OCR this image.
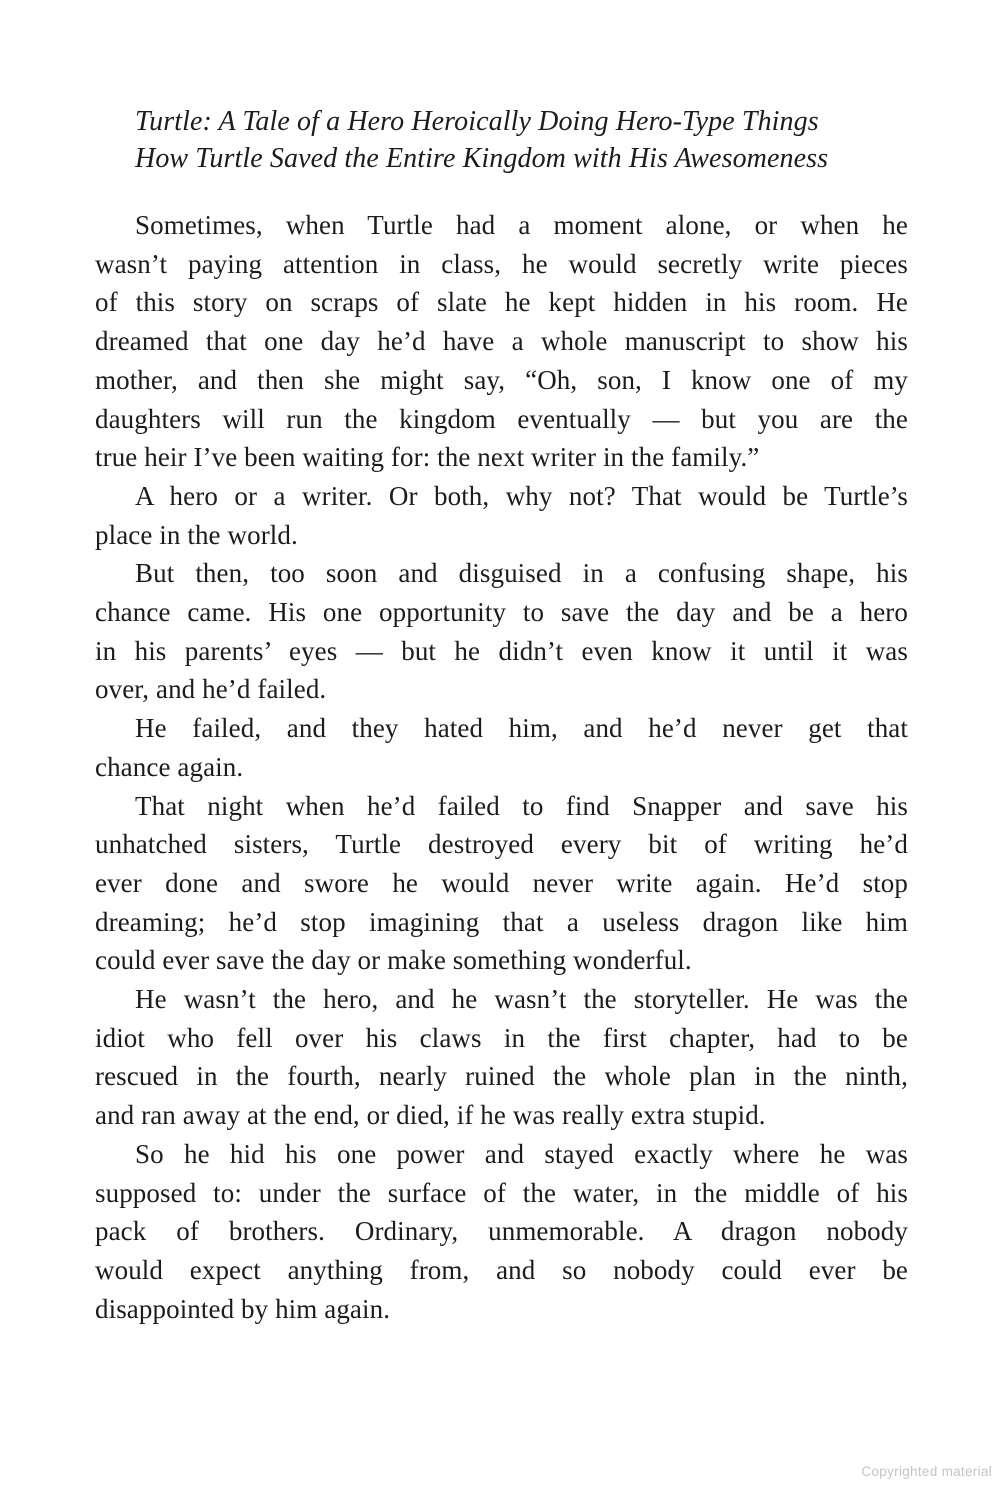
Turtle: A Tale of a Hero Heroically Doing Hero-Type Things
How Turtle Saved the Entire Kingdom with His Awesomeness
Sometimes, when Turtle had a moment alone, or when he
wasn’t paying attention in class, he would secretly write pieces
of this story on scraps of slate he kept hidden in his room. He
dreamed that one day he’d have a whole manuscript to show his
mother, and then she might say, “Oh, son, I know one of my
daughters will run the kingdom eventually — but you are the
true heir I’ve been waiting for: the next writer in the family.”
A hero or a writer. Or both, why not? That would be Turtle’s
place in the world.
But then, too soon and disguised in a confusing shape, his
chance came. His one opportunity to save the day and be a hero
in his parents’ eyes — but he didn’t even know it until it was
over, and he’d failed.
He failed, and they hated him, and he’d never get that
chance again.
That night when he’d failed to find Snapper and save his
unhatched sisters, Turtle destroyed every bit of writing he’d
ever done and swore he would never write again. He’d stop
dreaming; he’d stop imagining that a useless dragon like him
could ever save the day or make something wonderful.
He wasn’t the hero, and he wasn’t the storyteller. He was the
idiot who fell over his claws in the first chapter, had to be
rescued in the fourth, nearly ruined the whole plan in the ninth,
and ran away at the end, or died, if he was really extra stupid.
So he hid his one power and stayed exactly where he was
supposed to: under the surface of the water, in the middle of his
pack of brothers. Ordinary, unmemorable. A dragon nobody
would expect anything from, and so nobody could ever be
disappointed by him again.
Copyrighted material
